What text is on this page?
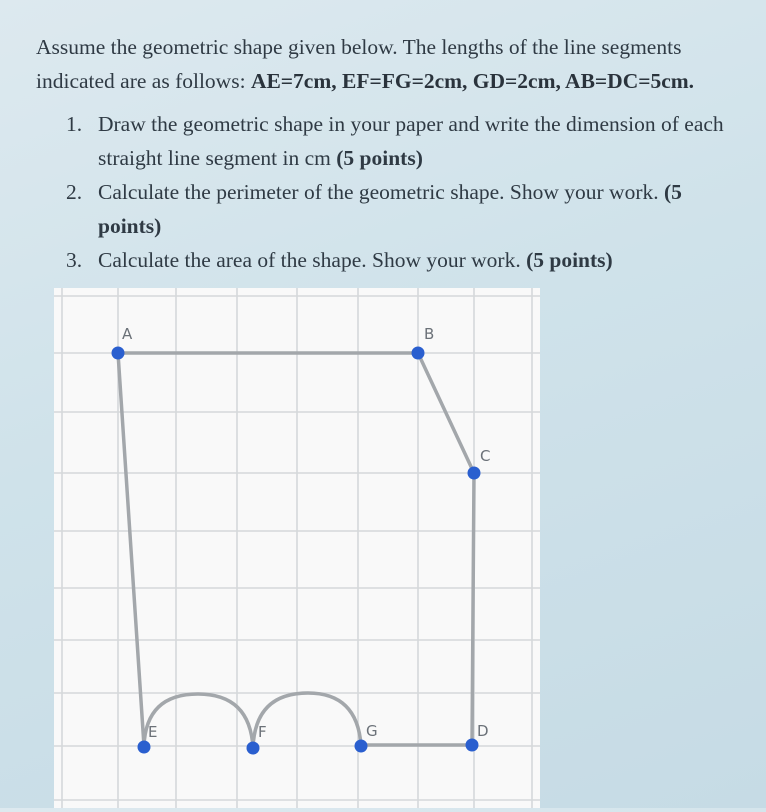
Assume the geometric shape given below. The lengths of the line segments indicated are as follows: AE=7cm, EF=FG=2cm, GD=2cm, AB=DC=5cm.

1. Draw the geometric shape in your paper and write the dimension of each straight line segment in cm (5 points)
2. Calculate the perimeter of the geometric shape. Show your work. (5 points)
3. Calculate the area of the shape. Show your work. (5 points)
A	B
C
D
E	F	G
